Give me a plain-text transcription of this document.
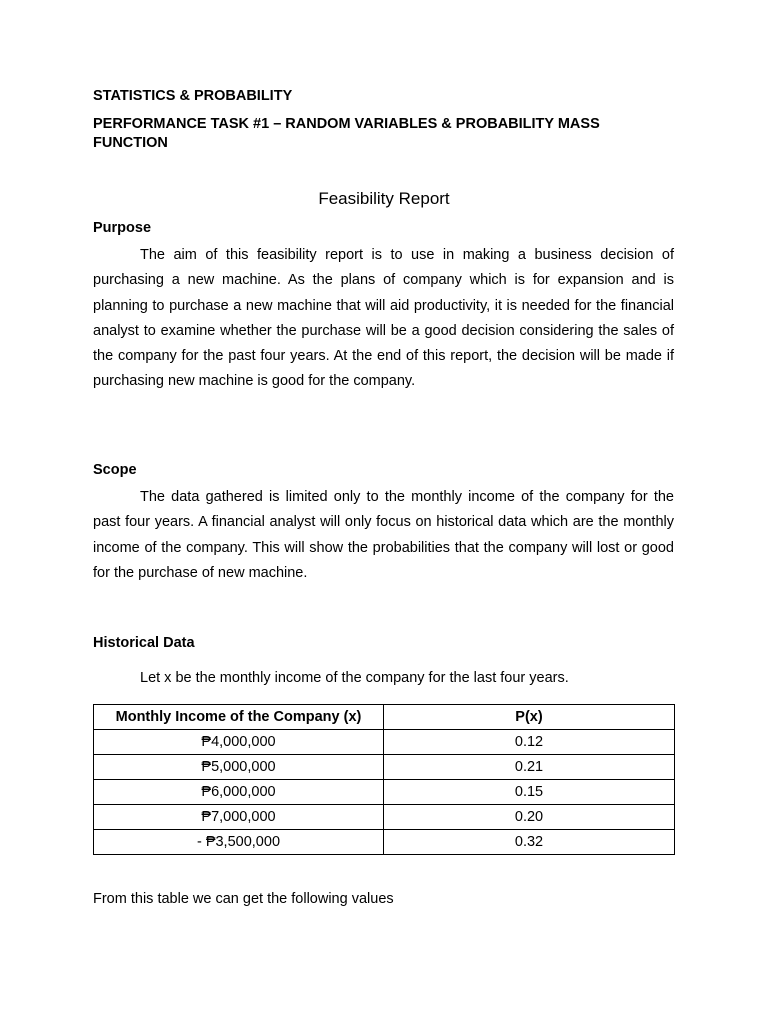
STATISTICS & PROBABILITY

PERFORMANCE TASK #1 – RANDOM VARIABLES & PROBABILITY MASS FUNCTION

Feasibility Report

Purpose

The aim of this feasibility report is to use in making a business decision of purchasing a new machine. As the plans of company which is for expansion and is planning to purchase a new machine that will aid productivity, it is needed for the financial analyst to examine whether the purchase will be a good decision considering the sales of the company for the past four years. At the end of this report, the decision will be made if purchasing new machine is good for the company.

Scope

The data gathered is limited only to the monthly income of the company for the past four years. A financial analyst will only focus on historical data which are the monthly income of the company. This will show the probabilities that the company will lost or good for the purchase of new machine.

Historical Data

Let x be the monthly income of the company for the last four years.

Monthly Income of the Company (x)	P(x)
₱4,000,000	0.12
₱5,000,000	0.21
₱6,000,000	0.15
₱7,000,000	0.20
- ₱3,500,000	0.32

From this table we can get the following values
